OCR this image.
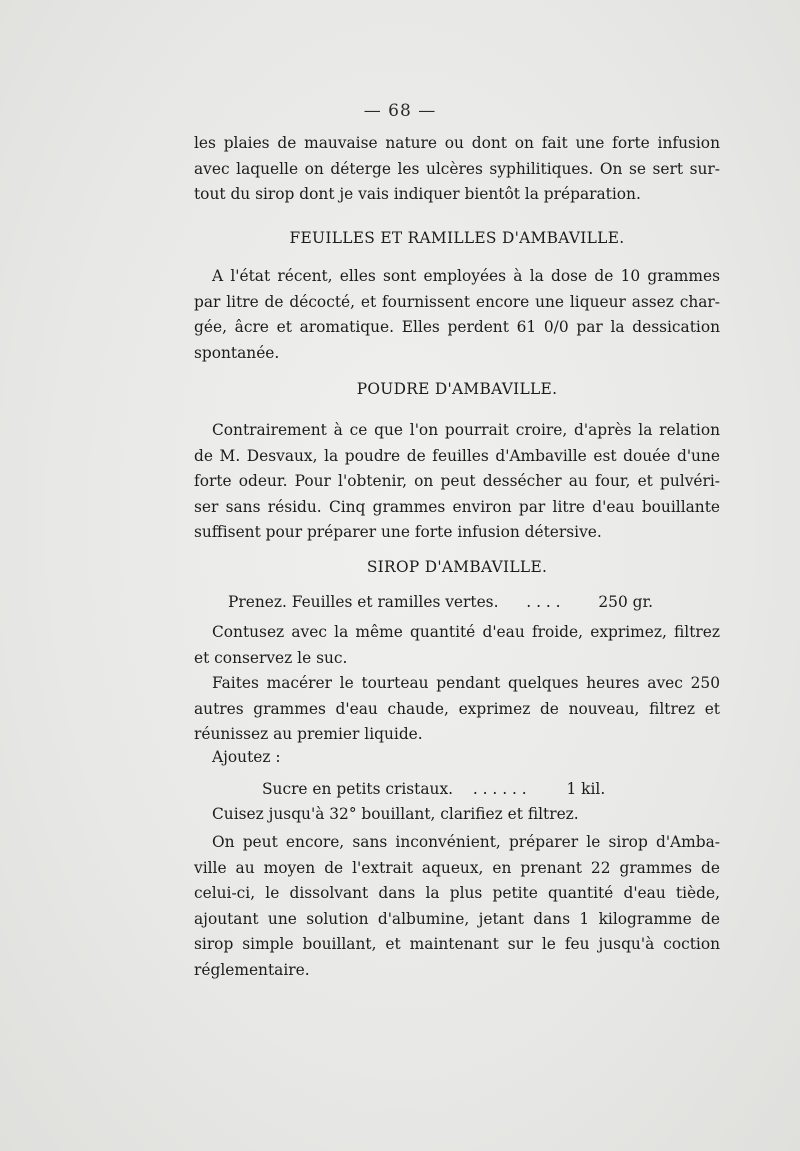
— 68 —
les plaies de mauvaise nature ou dont on fait une forte infusion
avec laquelle on déterge les ulcères syphilitiques. On se sert sur-
tout du sirop dont je vais indiquer bientôt la préparation.
FEUILLES ET RAMILLES D'AMBAVILLE.
A l'état récent, elles sont employées à la dose de 10 grammes
par litre de décocté, et fournissent encore une liqueur assez char-
gée, âcre et aromatique. Elles perdent 61 0/0 par la dessication
spontanée.
POUDRE D'AMBAVILLE.
Contrairement à ce que l'on pourrait croire, d'après la relation
de M. Desvaux, la poudre de feuilles d'Ambaville est douée d'une
forte odeur. Pour l'obtenir, on peut dessécher au four, et pulvéri-
ser sans résidu. Cinq grammes environ par litre d'eau bouillante
suffisent pour préparer une forte infusion détersive.
SIROP D'AMBAVILLE.
Prenez. Feuilles et ramilles vertes. . . . . 250 gr.
Contusez avec la même quantité d'eau froide, exprimez, filtrez
et conservez le suc.
Faites macérer le tourteau pendant quelques heures avec 250
autres grammes d'eau chaude, exprimez de nouveau, filtrez et
réunissez au premier liquide.
Ajoutez :
Sucre en petits cristaux. . . . . . .	1 kil.
Cuisez jusqu'à 32° bouillant, clarifiez et filtrez.
On peut encore, sans inconvénient, préparer le sirop d'Amba-
ville au moyen de l'extrait aqueux, en prenant 22 grammes de
celui-ci, le dissolvant dans la plus petite quantité d'eau tiède,
ajoutant une solution d'albumine, jetant dans 1 kilogramme de
sirop simple bouillant, et maintenant sur le feu jusqu'à coction
réglementaire.
